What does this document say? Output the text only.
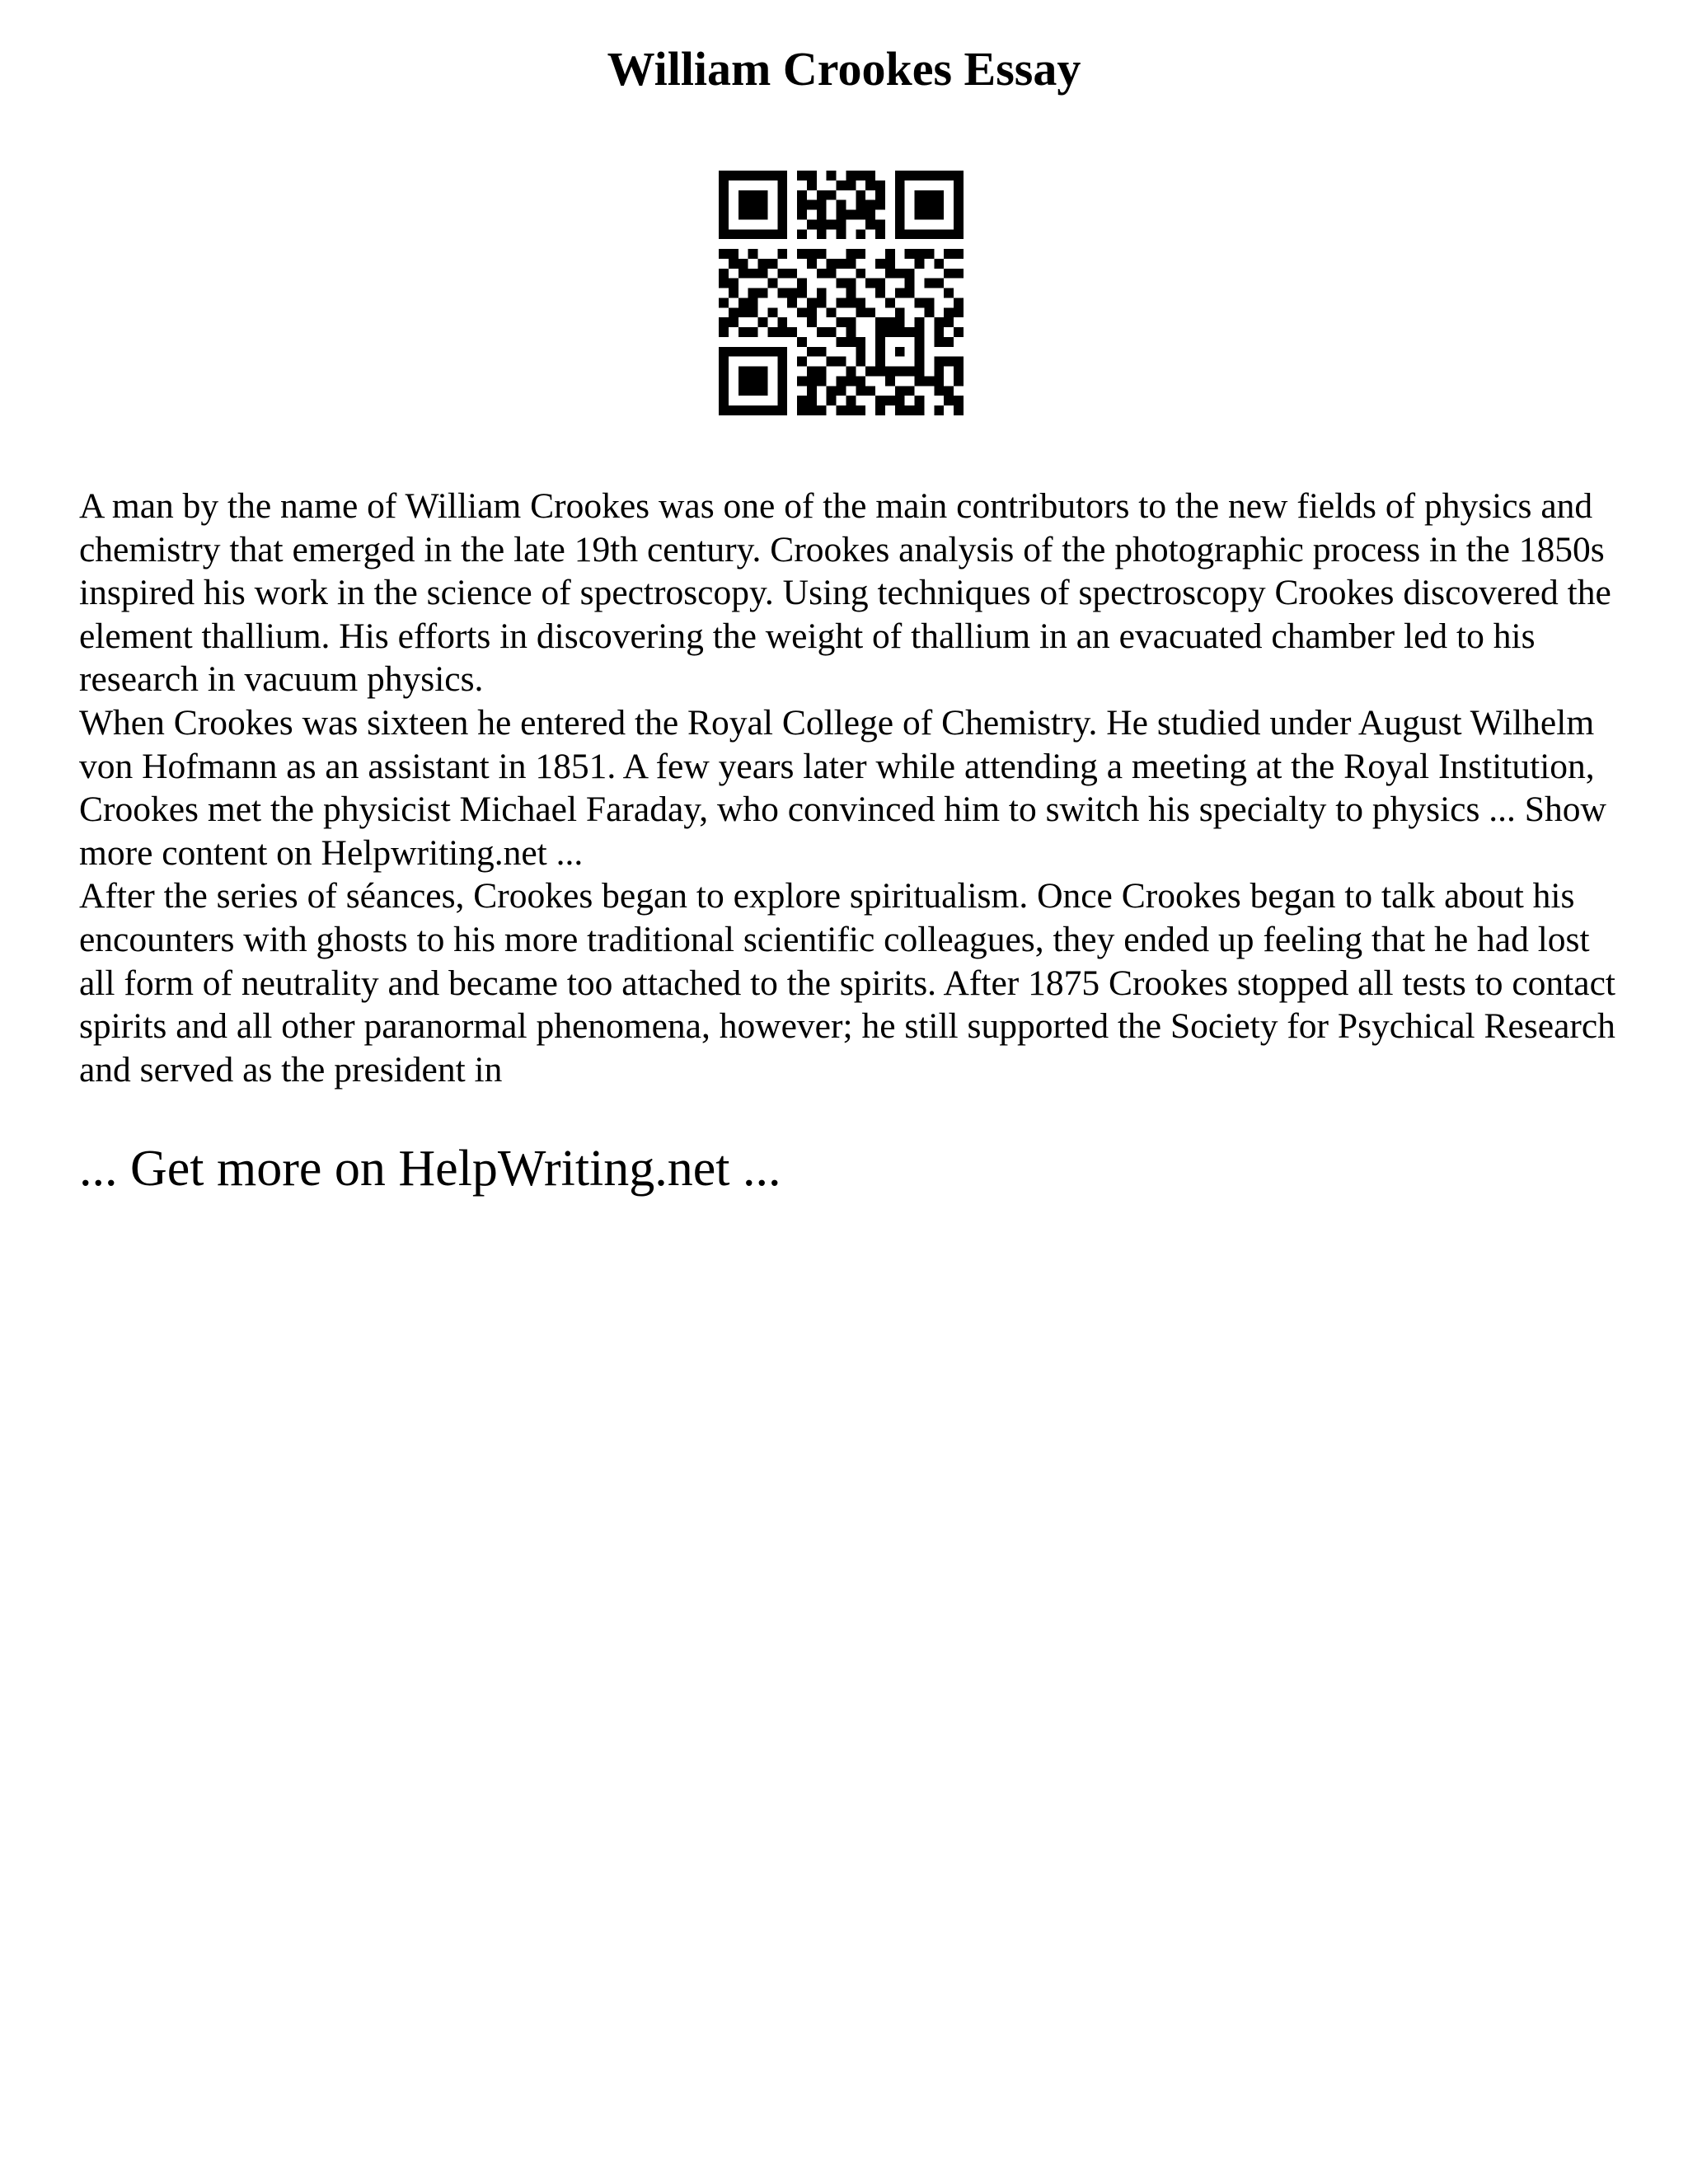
William Crookes Essay

A man by the name of William Crookes was one of the main contributors to the new fields of physics and chemistry that emerged in the late 19th century. Crookes analysis of the photographic process in the 1850s inspired his work in the science of spectroscopy. Using techniques of spectroscopy Crookes discovered the element thallium. His efforts in discovering the weight of thallium in an evacuated chamber led to his research in vacuum physics.

When Crookes was sixteen he entered the Royal College of Chemistry. He studied under August Wilhelm von Hofmann as an assistant in 1851. A few years later while attending a meeting at the Royal Institution, Crookes met the physicist Michael Faraday, who convinced him to switch his specialty to physics ... Show more content on Helpwriting.net ...

After the series of séances, Crookes began to explore spiritualism. Once Crookes began to talk about his encounters with ghosts to his more traditional scientific colleagues, they ended up feeling that he had lost all form of neutrality and became too attached to the spirits. After 1875 Crookes stopped all tests to contact spirits and all other paranormal phenomena, however; he still supported the Society for Psychical Research and served as the president in

... Get more on HelpWriting.net ...
